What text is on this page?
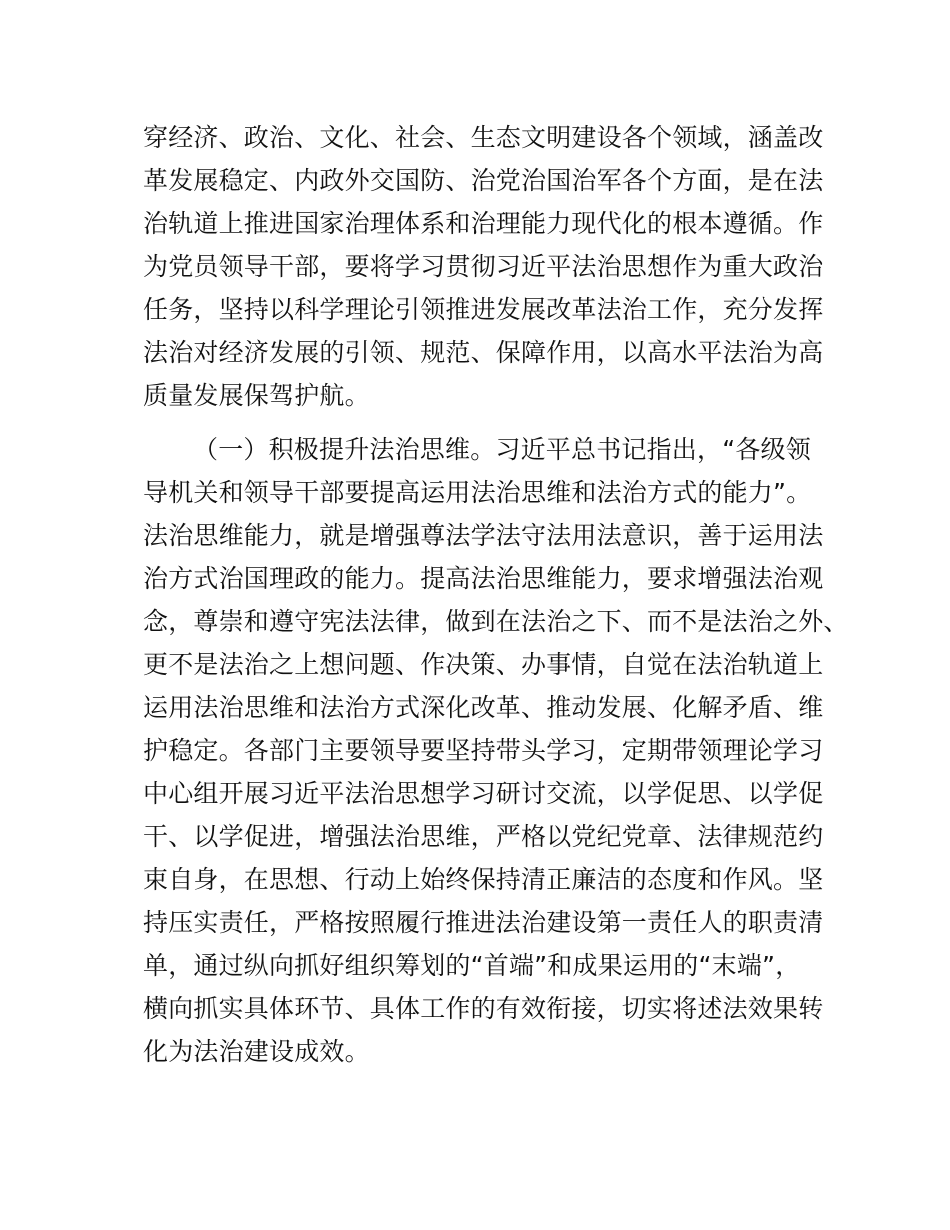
穿经济、政治、文化、社会、生态文明建设各个领域，涵盖改
革发展稳定、内政外交国防、治党治国治军各个方面，是在法
治轨道上推进国家治理体系和治理能力现代化的根本遵循。作
为党员领导干部，要将学习贯彻习近平法治思想作为重大政治
任务，坚持以科学理论引领推进发展改革法治工作，充分发挥
法治对经济发展的引领、规范、保障作用，以高水平法治为高
质量发展保驾护航。
（一）积极提升法治思维。习近平总书记指出，“各级领
导机关和领导干部要提高运用法治思维和法治方式的能力”。
法治思维能力，就是增强尊法学法守法用法意识，善于运用法
治方式治国理政的能力。提高法治思维能力，要求增强法治观
念，尊崇和遵守宪法法律，做到在法治之下、而不是法治之外、
更不是法治之上想问题、作决策、办事情，自觉在法治轨道上
运用法治思维和法治方式深化改革、推动发展、化解矛盾、维
护稳定。各部门主要领导要坚持带头学习，定期带领理论学习
中心组开展习近平法治思想学习研讨交流，以学促思、以学促
干、以学促进，增强法治思维，严格以党纪党章、法律规范约
束自身，在思想、行动上始终保持清正廉洁的态度和作风。坚
持压实责任，严格按照履行推进法治建设第一责任人的职责清
单，通过纵向抓好组织筹划的“首端”和成果运用的“末端”，
横向抓实具体环节、具体工作的有效衔接，切实将述法效果转
化为法治建设成效。
